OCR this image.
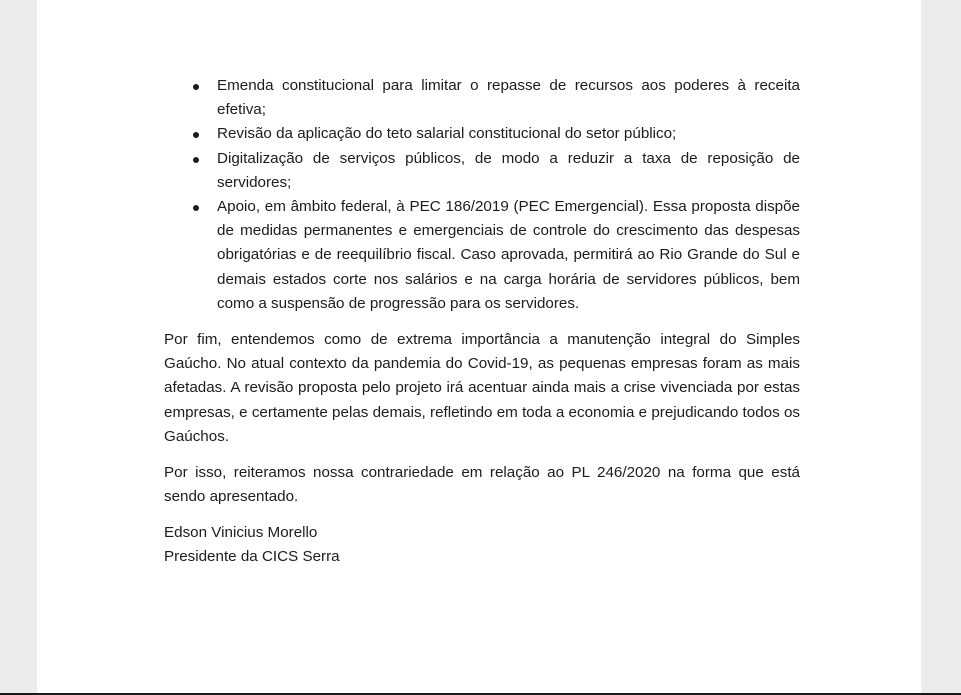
Emenda constitucional para limitar o repasse de recursos aos poderes à receita efetiva;
Revisão da aplicação do teto salarial constitucional do setor público;
Digitalização de serviços públicos, de modo a reduzir a taxa de reposição de servidores;
Apoio, em âmbito federal, à PEC 186/2019 (PEC Emergencial). Essa proposta dispõe de medidas permanentes e emergenciais de controle do crescimento das despesas obrigatórias e de reequilíbrio fiscal. Caso aprovada, permitirá ao Rio Grande do Sul e demais estados corte nos salários e na carga horária de servidores públicos, bem como a suspensão de progressão para os servidores.

Por fim, entendemos como de extrema importância a manutenção integral do Simples Gaúcho. No atual contexto da pandemia do Covid-19, as pequenas empresas foram as mais afetadas. A revisão proposta pelo projeto irá acentuar ainda mais a crise vivenciada por estas empresas, e certamente pelas demais, refletindo em toda a economia e prejudicando todos os Gaúchos.

Por isso, reiteramos nossa contrariedade em relação ao PL 246/2020 na forma que está sendo apresentado.

Edson Vinicius Morello
Presidente da CICS Serra
